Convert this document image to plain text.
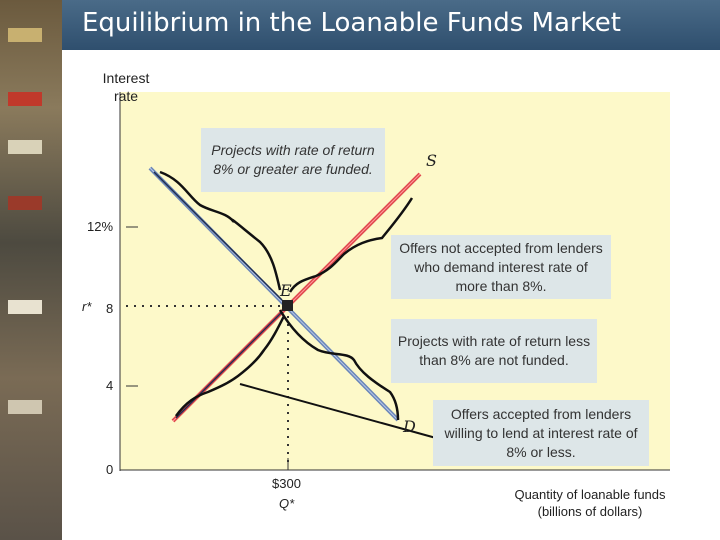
Equilibrium in the Loanable Funds Market
Interest rate
12%
r* 8
4
0
$300
Q*
Quantity of loanable funds
(billions of dollars)
S
D
E
Projects with rate of return 8% or greater are funded.
Offers not accepted from lenders who demand interest rate of more than 8%.
Projects with rate of return less than 8% are not funded.
Offers accepted from lenders willing to lend at interest rate of 8% or less.
